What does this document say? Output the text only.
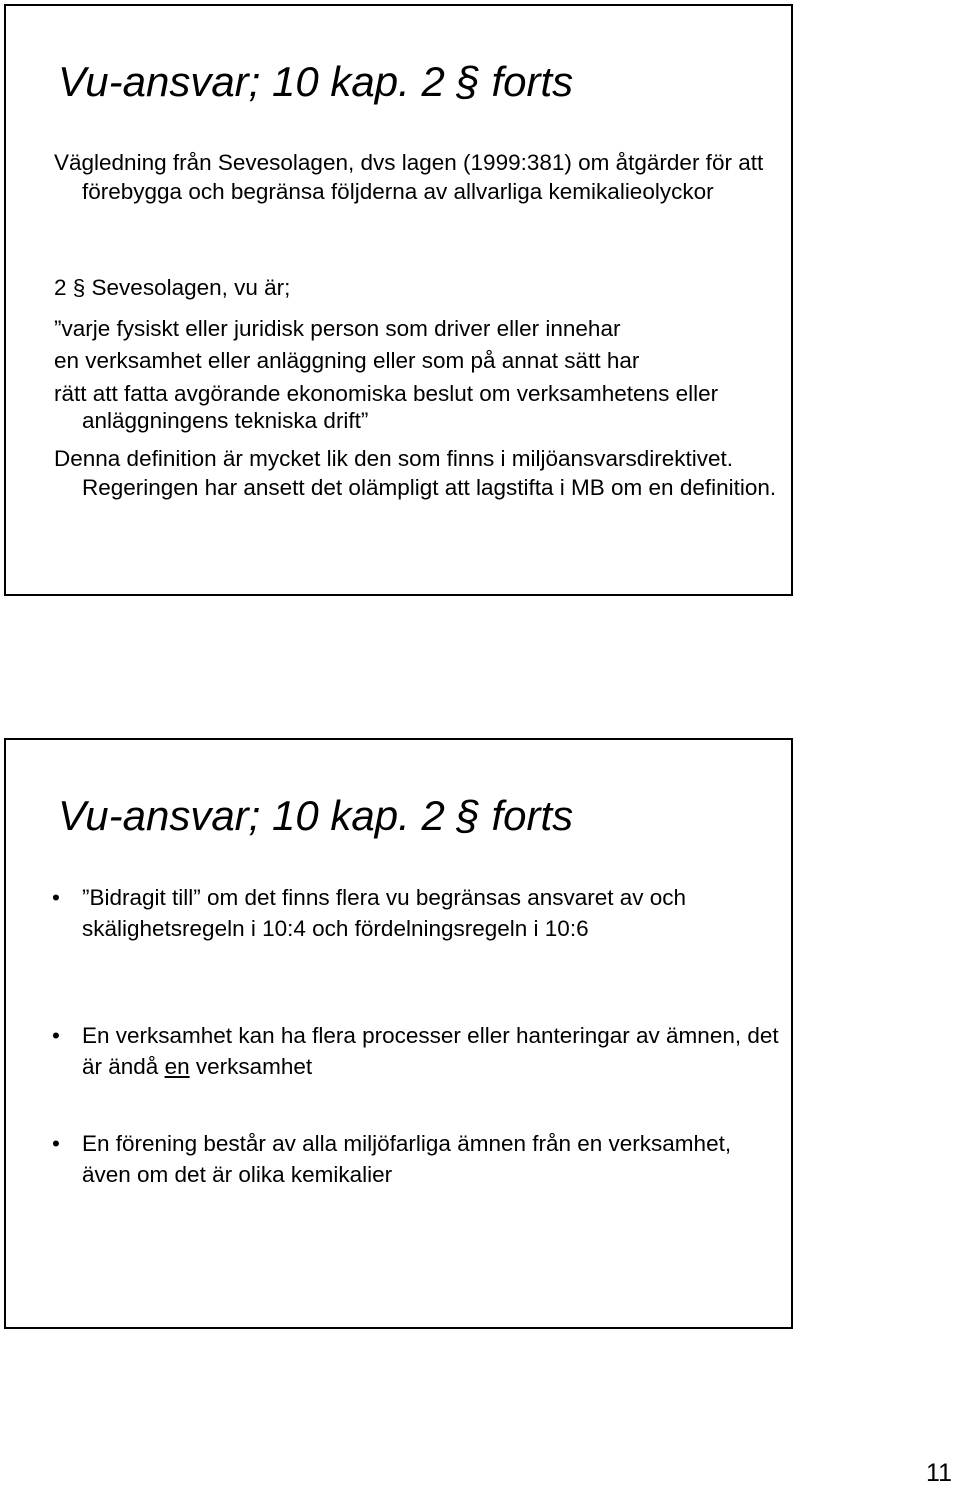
Vu-ansvar; 10 kap. 2 § forts
Vägledning från Sevesolagen, dvs lagen (1999:381) om åtgärder för att förebygga och begränsa följderna av allvarliga kemikalieolyckor
2 § Sevesolagen, vu är;
”varje fysiskt eller juridisk person som driver eller innehar
en verksamhet eller anläggning eller som på annat sätt har
rätt att fatta avgörande ekonomiska beslut om verksamhetens eller anläggningens tekniska drift”
Denna definition är mycket lik den som finns i miljöansvarsdirektivet. Regeringen har ansett det olämpligt att lagstifta i MB om en definition.
Vu-ansvar; 10 kap. 2 § forts
• ”Bidragit till” om det finns flera vu begränsas ansvaret av och skälighetsregeln i 10:4 och fördelningsregeln i 10:6
• En verksamhet kan ha flera processer eller hanteringar av ämnen, det är ändå en verksamhet
• En förening består av alla miljöfarliga ämnen från en verksamhet, även om det är olika kemikalier
11
